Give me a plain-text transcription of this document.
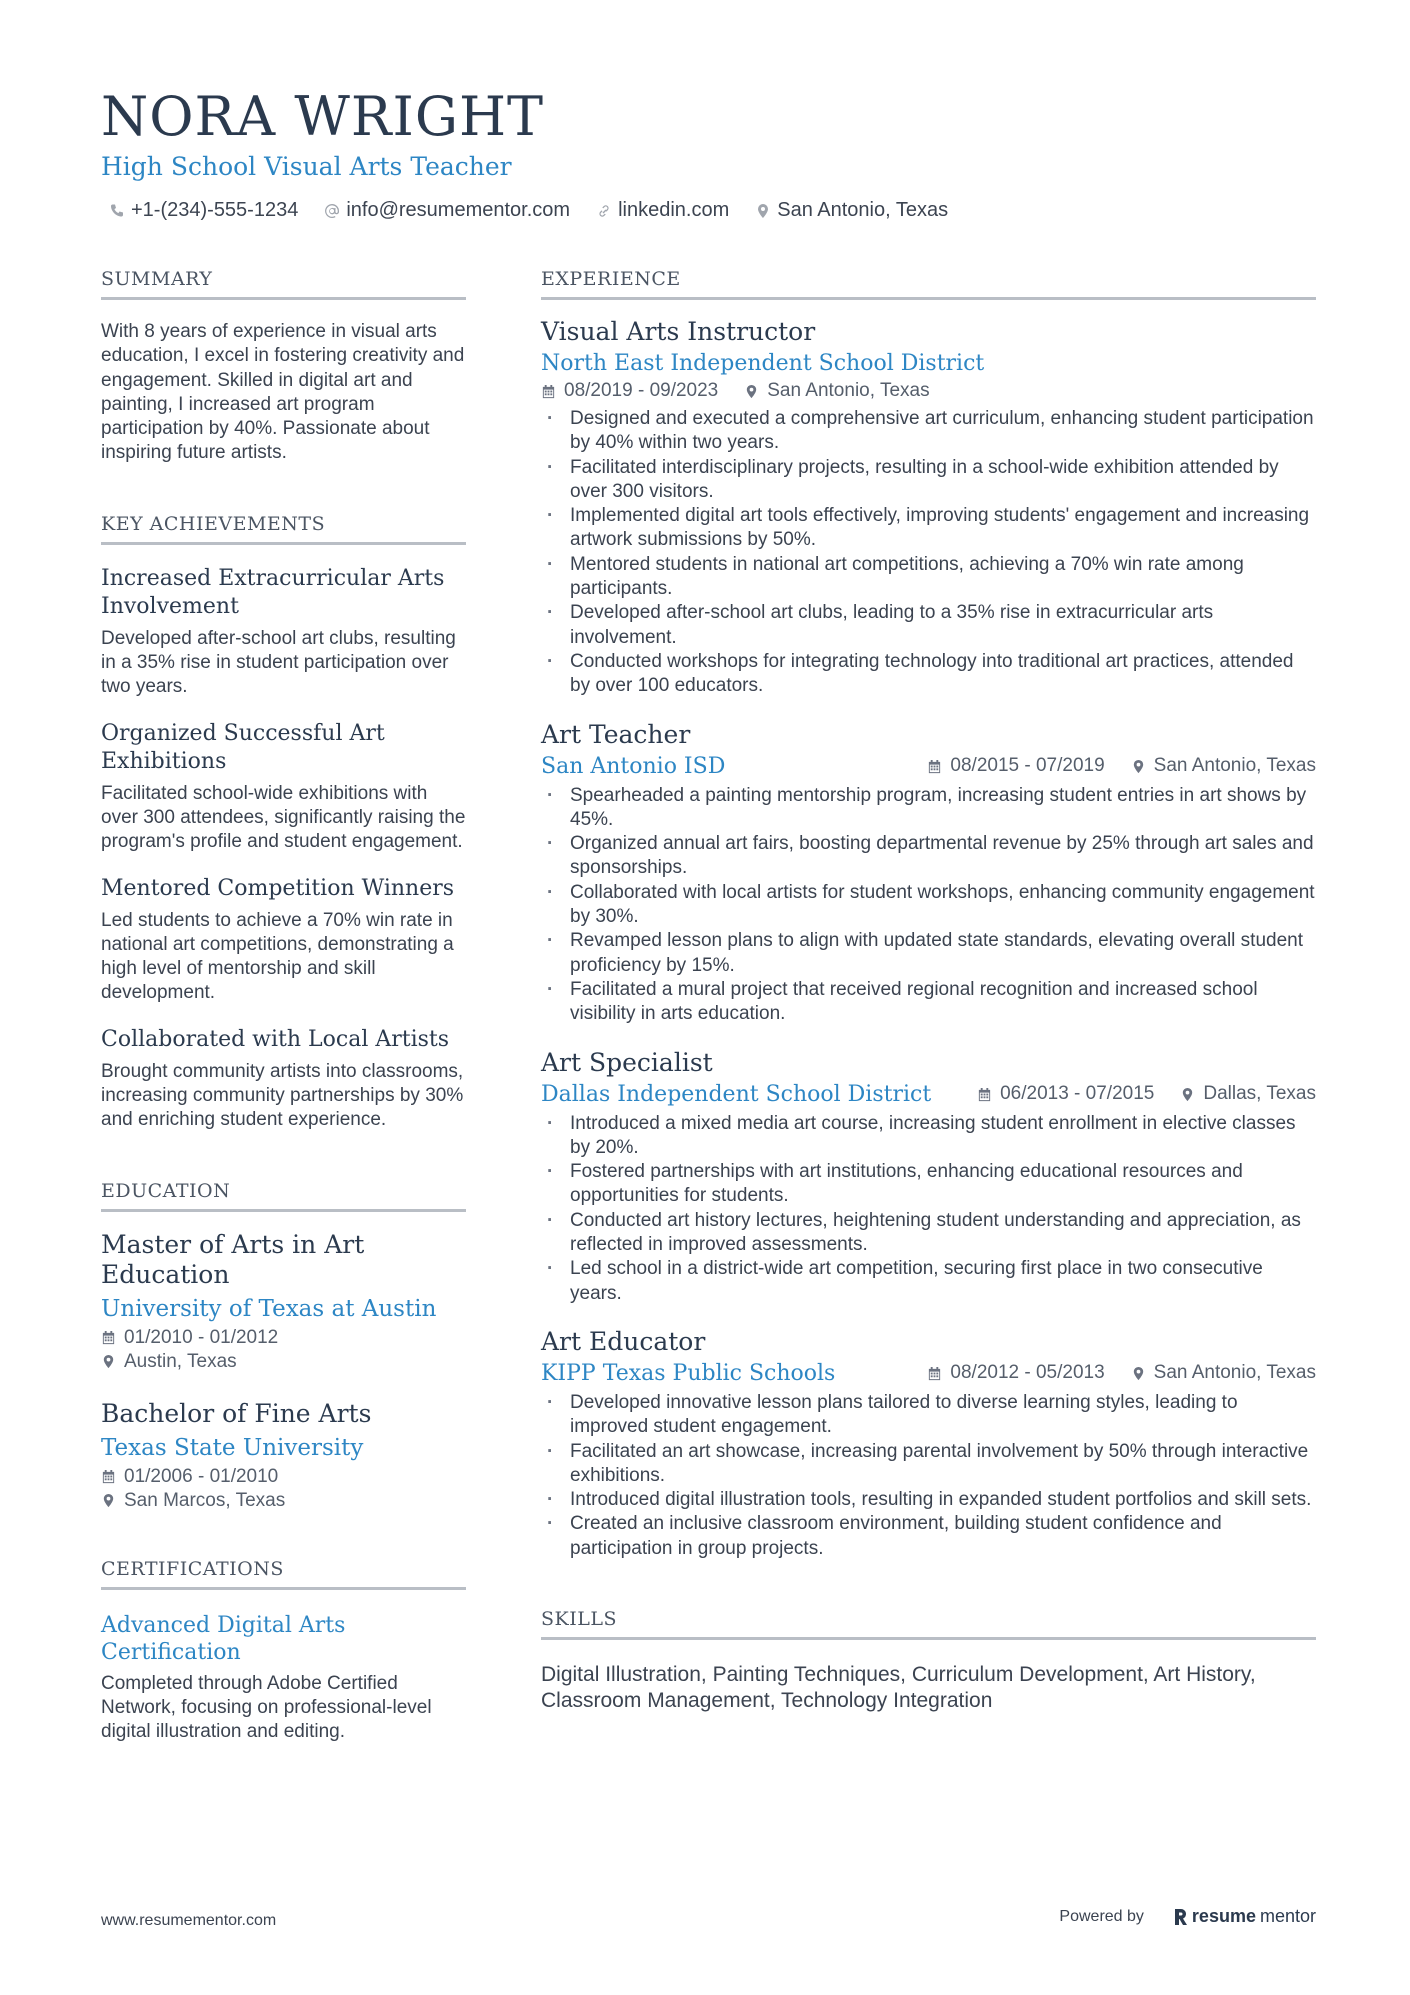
NORA WRIGHT
High School Visual Arts Teacher
+1-(234)-555-1234 info@resumementor.com linkedin.com San Antonio, Texas
SUMMARY

With 8 years of experience in visual arts education, I excel in fostering creativity and engagement. Skilled in digital art and painting, I increased art program participation by 40%. Passionate about inspiring future artists.

KEY ACHIEVEMENTS
Increased Extracurricular Arts Involvement
Developed after-school art clubs, resulting in a 35% rise in student participation over two years.
Organized Successful Art Exhibitions
Facilitated school-wide exhibitions with over 300 attendees, significantly raising the program's profile and student engagement.
Mentored Competition Winners
Led students to achieve a 70% win rate in national art competitions, demonstrating a high level of mentorship and skill development.
Collaborated with Local Artists
Brought community artists into classrooms, increasing community partnerships by 30% and enriching student experience.
EDUCATION
Master of Arts in Art Education
University of Texas at Austin
01/2010 - 01/2012
Austin, Texas
Bachelor of Fine Arts
Texas State University
01/2006 - 01/2010
San Marcos, Texas
CERTIFICATIONS
Advanced Digital Arts Certification
Completed through Adobe Certified Network, focusing on professional-level digital illustration and editing.
EXPERIENCE
Visual Arts Instructor
North East Independent School District
08/2019 - 09/2023	San Antonio, Texas
· Designed and executed a comprehensive art curriculum, enhancing student participation by 40% within two years.
· Facilitated interdisciplinary projects, resulting in a school-wide exhibition attended by over 300 visitors.
· Implemented digital art tools effectively, improving students' engagement and increasing artwork submissions by 50%.
· Mentored students in national art competitions, achieving a 70% win rate among participants.
· Developed after-school art clubs, leading to a 35% rise in extracurricular arts involvement.
· Conducted workshops for integrating technology into traditional art practices, attended by over 100 educators.
Art Teacher
San Antonio ISD	08/2015 - 07/2019	San Antonio, Texas
· Spearheaded a painting mentorship program, increasing student entries in art shows by 45%.
· Organized annual art fairs, boosting departmental revenue by 25% through art sales and sponsorships.
· Collaborated with local artists for student workshops, enhancing community engagement by 30%.
· Revamped lesson plans to align with updated state standards, elevating overall student proficiency by 15%.
· Facilitated a mural project that received regional recognition and increased school visibility in arts education.
Art Specialist
Dallas Independent School District	06/2013 - 07/2015	Dallas, Texas
· Introduced a mixed media art course, increasing student enrollment in elective classes by 20%.
· Fostered partnerships with art institutions, enhancing educational resources and opportunities for students.
· Conducted art history lectures, heightening student understanding and appreciation, as reflected in improved assessments.
· Led school in a district-wide art competition, securing first place in two consecutive years.
Art Educator
KIPP Texas Public Schools	08/2012 - 05/2013	San Antonio, Texas
· Developed innovative lesson plans tailored to diverse learning styles, leading to improved student engagement.
· Facilitated an art showcase, increasing parental involvement by 50% through interactive exhibitions.
· Introduced digital illustration tools, resulting in expanded student portfolios and skill sets.
· Created an inclusive classroom environment, building student confidence and participation in group projects.
SKILLS

Digital Illustration, Painting Techniques, Curriculum Development, Art History, Classroom Management, Technology Integration

www.resumementor.com	Powered by	resume mentor
